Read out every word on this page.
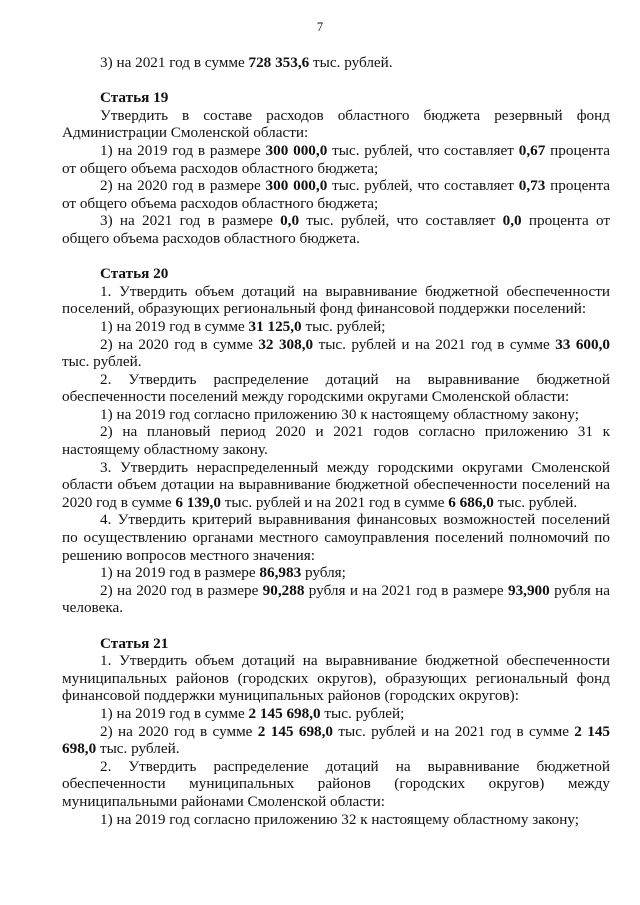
7

3) на 2021 год в сумме 728 353,6 тыс. рублей.

Статья 19

Утвердить в составе расходов областного бюджета резервный фонд Администрации Смоленской области:

1) на 2019 год в размере 300 000,0 тыс. рублей, что составляет 0,67 процента от общего объема расходов областного бюджета;

2) на 2020 год в размере 300 000,0 тыс. рублей, что составляет 0,73 процента от общего объема расходов областного бюджета;

3) на 2021 год в размере 0,0 тыс. рублей, что составляет 0,0 процента от общего объема расходов областного бюджета.

Статья 20

1. Утвердить объем дотаций на выравнивание бюджетной обеспеченности поселений, образующих региональный фонд финансовой поддержки поселений:

1) на 2019 год в сумме 31 125,0 тыс. рублей;

2) на 2020 год в сумме 32 308,0 тыс. рублей и на 2021 год в сумме 33 600,0 тыс. рублей.

2. Утвердить распределение дотаций на выравнивание бюджетной обеспеченности поселений между городскими округами Смоленской области:

1) на 2019 год согласно приложению 30 к настоящему областному закону;

2) на плановый период 2020 и 2021 годов согласно приложению 31 к настоящему областному закону.

3. Утвердить нераспределенный между городскими округами Смоленской области объем дотации на выравнивание бюджетной обеспеченности поселений на 2020 год в сумме 6 139,0 тыс. рублей и на 2021 год в сумме 6 686,0 тыс. рублей.

4. Утвердить критерий выравнивания финансовых возможностей поселений по осуществлению органами местного самоуправления поселений полномочий по решению вопросов местного значения:

1) на 2019 год в размере 86,983 рубля;

2) на 2020 год в размере 90,288 рубля и на 2021 год в размере 93,900 рубля на человека.

Статья 21

1. Утвердить объем дотаций на выравнивание бюджетной обеспеченности муниципальных районов (городских округов), образующих региональный фонд финансовой поддержки муниципальных районов (городских округов):

1) на 2019 год в сумме 2 145 698,0 тыс. рублей;

2) на 2020 год в сумме 2 145 698,0 тыс. рублей и на 2021 год в сумме 2 145 698,0 тыс. рублей.

2. Утвердить распределение дотаций на выравнивание бюджетной обеспеченности муниципальных районов (городских округов) между муниципальными районами Смоленской области:

1) на 2019 год согласно приложению 32 к настоящему областному закону;
